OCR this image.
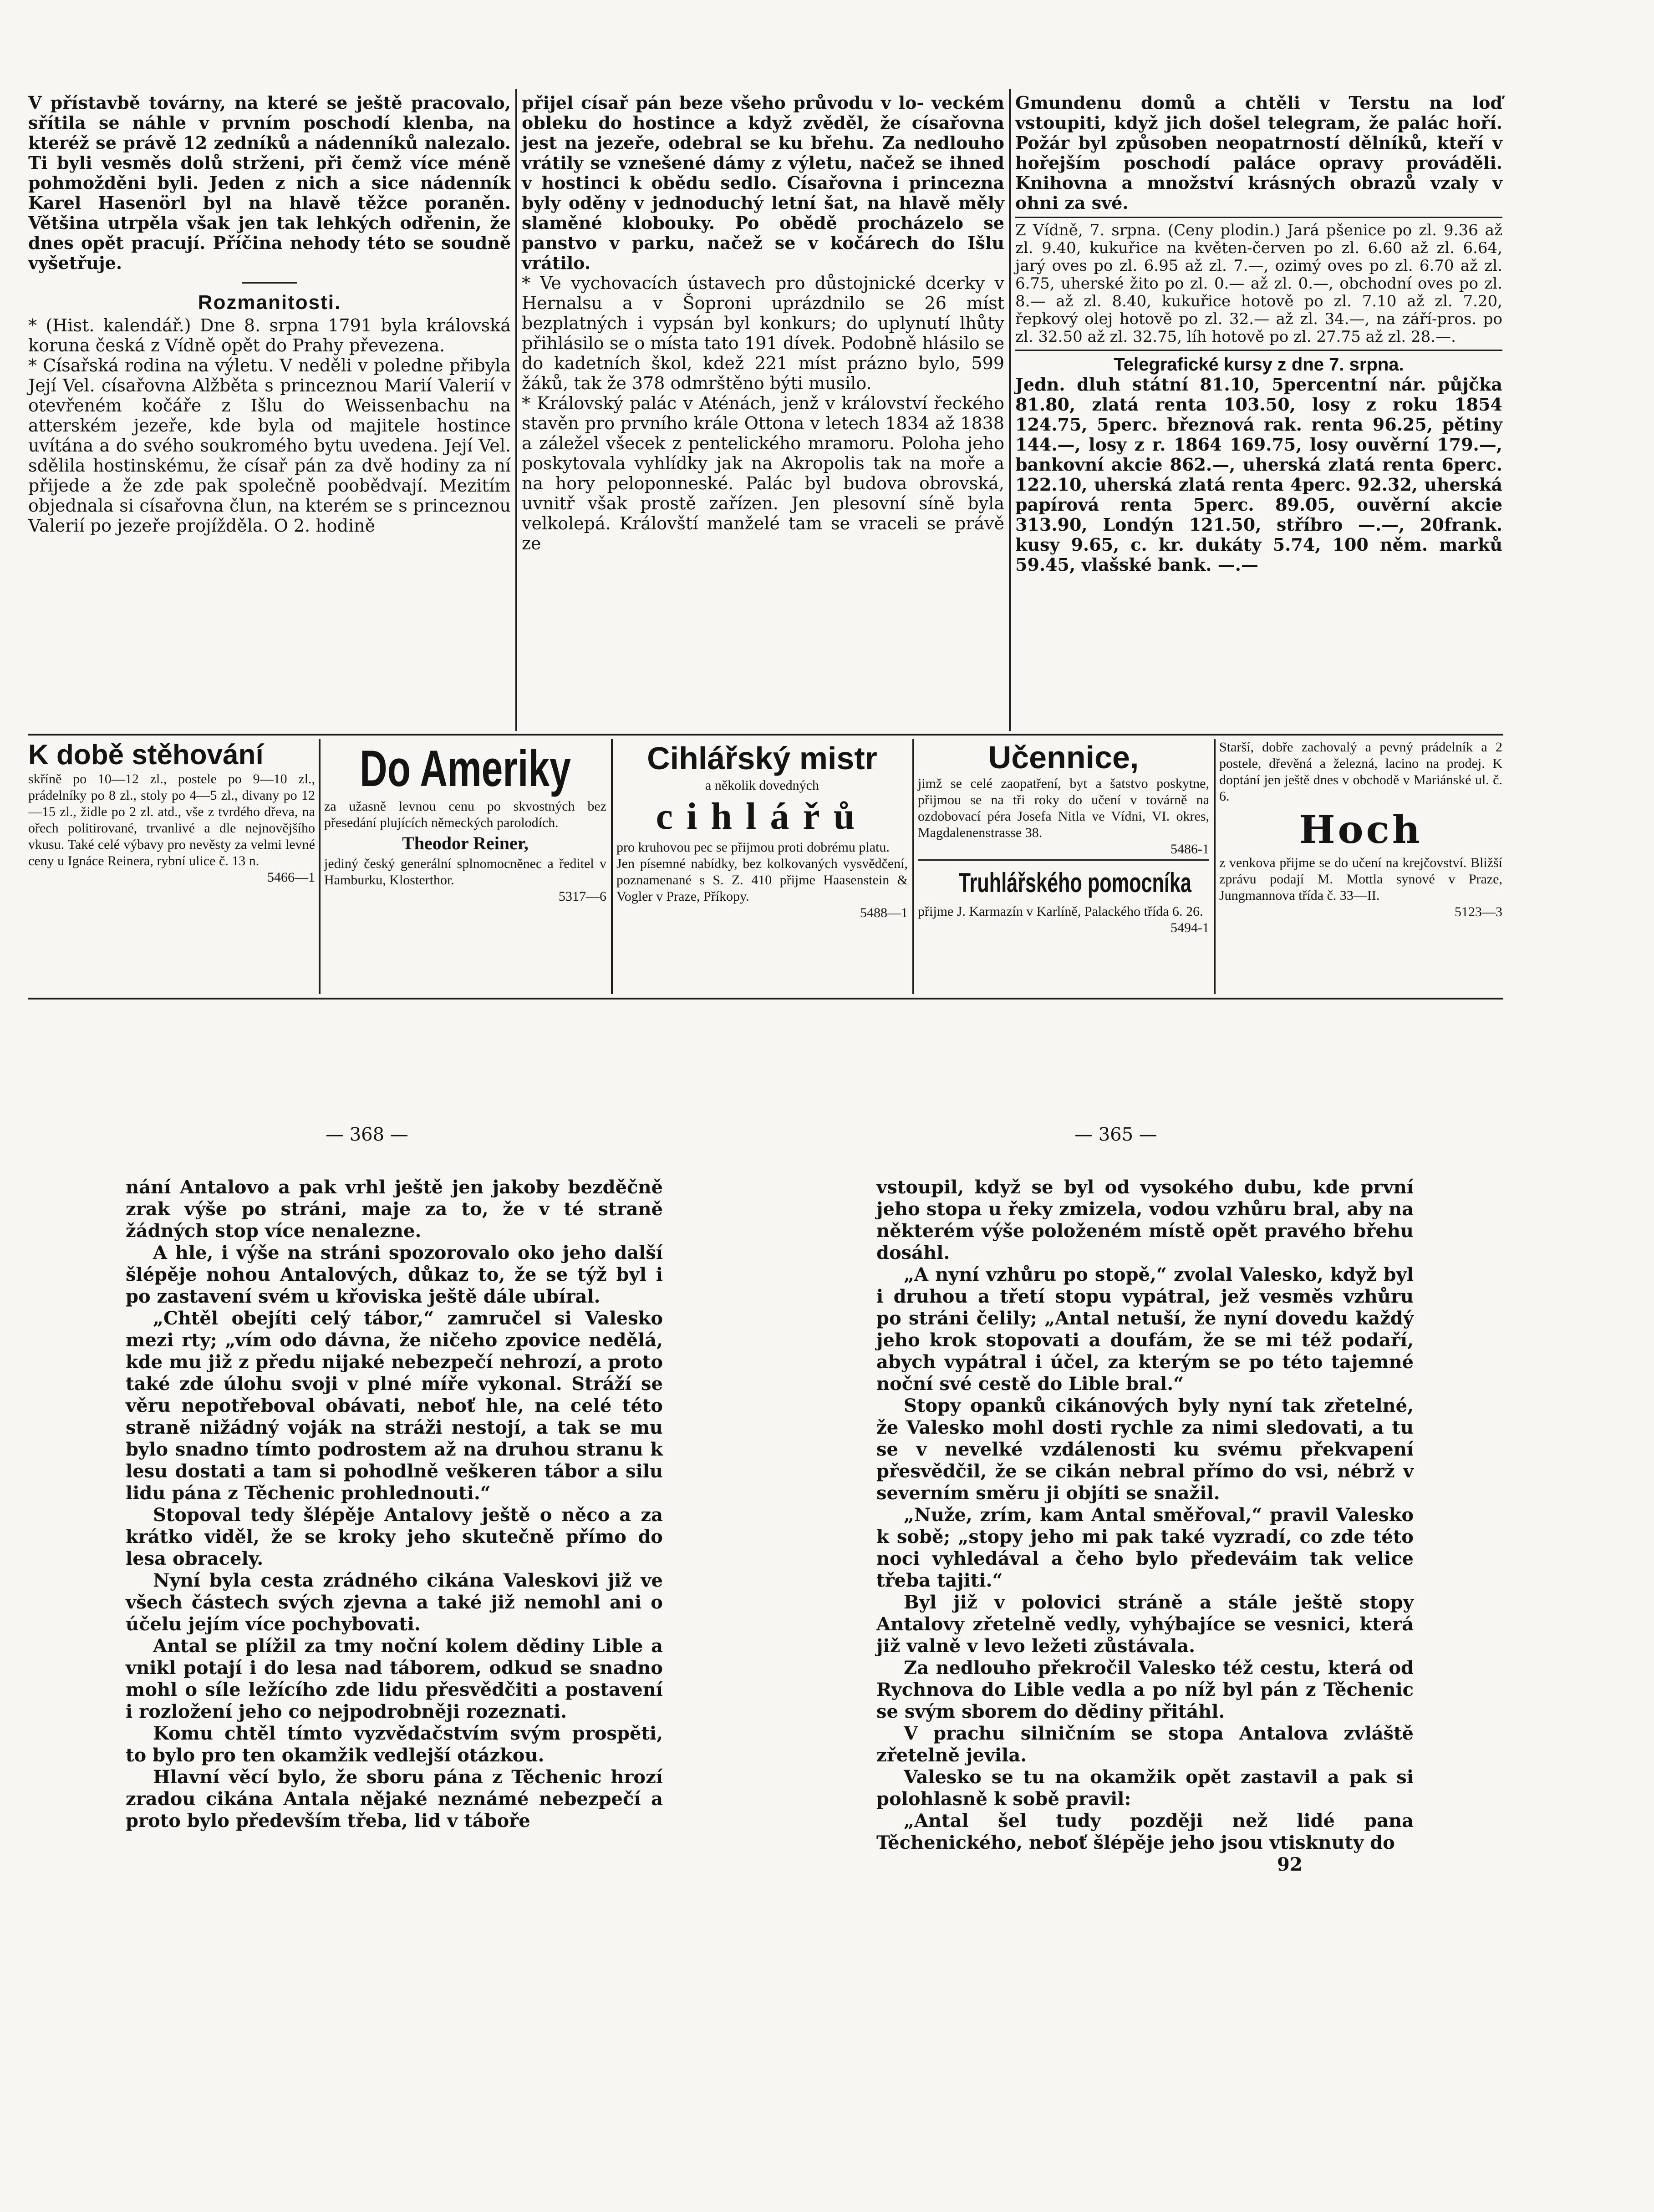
V přístavbě továrny, na které se ještě pracovalo, sřítila se náhle v prvním poschodí klenba, na kteréž se právě 12 zedníků a nádenníků nalezalo. Ti byli vesměs dolů strženi, při čemž více méně pohmožděni byli. Jeden z nich a sice nádenník Karel Hasenörl byl na hlavě těžce poraněn. Většina utrpěla však jen tak lehkých odřenin, že dnes opět pracují. Příčina nehody této se soudně vyšetřuje.

Rozmanitosti.

* (Hist. kalendář.) Dne 8. srpna 1791 byla královská koruna česká z Vídně opět do Prahy převezena.

* Císařská rodina na výletu. V neděli v poledne přibyla Její Vel. císařovna Alžběta s princeznou Marií Valerií v otevřeném kočáře z Išlu do Weissenbachu na atterském jezeře, kde byla od majitele hostince uvítána a do svého soukromého bytu uvedena. Její Vel. sdělila hostinskému, že císař pán za dvě hodiny za ní přijede a že zde pak společně poobědvají. Mezitím objednala si císařovna člun, na kterém se s princeznou Valerií po jezeře projížděla. O 2. hodině

přijel císař pán beze všeho průvodu v lo- veckém obleku do hostince a když zvěděl, že císařovna jest na jezeře, odebral se ku břehu. Za nedlouho vrátily se vznešené dámy z výletu, načež se ihned v hostinci k obědu sedlo. Císařovna i princezna byly oděny v jednoduchý letní šat, na hlavě měly slaměné klobouky. Po obědě procházelo se panstvo v parku, načež se v kočárech do Išlu vrátilo.

* Ve vychovacích ústavech pro důstojnické dcerky v Hernalsu a v Šoproni uprázdnilo se 26 míst bezplatných i vypsán byl konkurs; do uplynutí lhůty přihlásilo se o místa tato 191 dívek. Podobně hlásilo se do kadetních škol, kdež 221 míst prázno bylo, 599 žáků, tak že 378 odmrštěno býti musilo.

* Královský palác v Aténách, jenž v království řeckého stavěn pro prvního krále Ottona v letech 1834 až 1838 a záležel všecek z pentelického mramoru. Poloha jeho poskytovala vyhlídky jak na Akropolis tak na moře a na hory peloponneské. Palác byl budova obrovská, uvnitř však prostě zařízen. Jen plesovní síně byla velkolepá. Královští manželé tam se vraceli se právě ze

Gmundenu domů a chtěli v Terstu na loď vstoupiti, když jich došel telegram, že palác hoří. Požár byl způsoben neopatrností dělníků, kteří v hořejším poschodí paláce opravy prováděli. Knihovna a množství krásných obrazů vzaly v ohni za své.

Z Vídně, 7. srpna. (Ceny plodin.) Jará pšenice po zl. 9.36 až zl. 9.40, kukuřice na květen-červen po zl. 6.60 až zl. 6.64, jarý oves po zl. 6.95 až zl. 7.—, ozimý oves po zl. 6.70 až zl. 6.75, uherské žito po zl. 0.— až zl. 0.—, obchodní oves po zl. 8.— až zl. 8.40, kukuřice hotově po zl. 7.10 až zl. 7.20, řepkový olej hotově po zl. 32.— až zl. 34.—, na září-pros. po zl. 32.50 až zl. 32.75, líh hotově po zl. 27.75 až zl. 28.—.

Telegrafické kursy z dne 7. srpna.

Jedn. dluh státní 81.10, 5percentní nár. půjčka 81.80, zlatá renta 103.50, losy z roku 1854 124.75, 5perc. březnová rak. renta 96.25, pětiny 144.—, losy z r. 1864 169.75, losy ouvěrní 179.—, bankovní akcie 862.—, uherská zlatá renta 6perc. 122.10, uherská zlatá renta 4perc. 92.32, uherská papírová renta 5perc. 89.05, ouvěrní akcie 313.90, Londýn 121.50, stříbro —.—, 20frank. kusy 9.65, c. kr. dukáty 5.74, 100 něm. marků 59.45, vlašské bank. —.—

K době stěhování
skříně po 10—12 zl., postele po 9—10 zl., prádelníky po 8 zl., stoly po 4—5 zl., divany po 12—15 zl., židle po 2 zl. atd., vše z tvrdého dřeva, na ořech politirované, trvanlivé a dle nejnovějšího vkusu. Také celé výbavy pro nevěsty za velmi levné ceny u Ignáce Reinera, rybní ulice č. 13 n.
5466—1
Do Ameriky
za užasně levnou cenu po skvostných bez přesedání plujících německých parolodích.
Theodor Reiner,
jediný český generální splnomocněnec a ředitel v Hamburku, Klosterthor.
5317—6
Cihlářský mistr
a několik dovedných
cihlářů
pro kruhovou pec se přijmou proti dobrému platu.
Jen písemné nabídky, bez kolkovaných vysvědčení, poznamenané s S. Z. 410 přijme Haasenstein & Vogler v Praze, Příkopy.
5488—1
Učennice,
jimž se celé zaopatření, byt a šatstvo poskytne, přijmou se na tři roky do učení v továrně na ozdobovací péra Josefa Nitla ve Vídni, VI. okres, Magdalenenstrasse 38.
5486-1
Truhlářského pomocníka
přijme J. Karmazín v Karlíně, Palackého třída 6. 26.
5494-1
Starší, dobře zachovalý a pevný prádelník a 2 postele, dřevěná a železná, lacino na prodej. K doptání jen ještě dnes v obchodě v Mariánské ul. č. 6.
Hoch
z venkova přijme se do učení na krejčovství. Bližší zprávu podají M. Mottla synové v Praze, Jungmannova třída č. 33—II.
5123—3
— 368 —	— 365 —

nání Antalovo a pak vrhl ještě jen jakoby bezděčně zrak výše po stráni, maje za to, že v té straně žádných stop více nenalezne.

A hle, i výše na stráni spozorovalo oko jeho další šlépěje nohou Antalových, důkaz to, že se týž byl i po zastavení svém u křoviska ještě dále ubíral.

„Chtěl obejíti celý tábor,“ zamručel si Valesko mezi rty; „vím odo dávna, že ničeho zpovice nedělá, kde mu již z předu nijaké nebezpečí nehrozí, a proto také zde úlohu svoji v plné míře vykonal. Stráží se věru nepotřeboval obávati, neboť hle, na celé této straně nižádný voják na stráži nestojí, a tak se mu bylo snadno tímto podrostem až na druhou stranu k lesu dostati a tam si pohodlně veškeren tábor a silu lidu pána z Těchenic prohlednouti.“

Stopoval tedy šlépěje Antalovy ještě o něco a za krátko viděl, že se kroky jeho skutečně přímo do lesa obracely.

Nyní byla cesta zrádného cikána Valeskovi již ve všech částech svých zjevna a také již nemohl ani o účelu jejím více pochybovati.

Antal se plížil za tmy noční kolem dědiny Lible a vnikl potají i do lesa nad táborem, odkud se snadno mohl o síle ležícího zde lidu přesvědčiti a postavení i rozložení jeho co nejpodrobněji rozeznati.

Komu chtěl tímto vyzvědačstvím svým prospěti, to bylo pro ten okamžik vedlejší otázkou.

Hlavní věcí bylo, že sboru pána z Těchenic hrozí zradou cikána Antala nějaké neznámé nebezpečí a proto bylo především třeba, lid v táboře

vstoupil, když se byl od vysokého dubu, kde první jeho stopa u řeky zmizela, vodou vzhůru bral, aby na některém výše položeném místě opět pravého břehu dosáhl.

„A nyní vzhůru po stopě,“ zvolal Valesko, když byl i druhou a třetí stopu vypátral, jež vesměs vzhůru po stráni čelily; „Antal netuší, že nyní dovedu každý jeho krok stopovati a doufám, že se mi též podaří, abych vypátral i účel, za kterým se po této tajemné noční své cestě do Lible bral.“

Stopy opanků cikánových byly nyní tak zřetelné, že Valesko mohl dosti rychle za nimi sledovati, a tu se v nevelké vzdálenosti ku svému překvapení přesvědčil, že se cikán nebral přímo do vsi, nébrž v severním směru ji objíti se snažil.

„Nuže, zrím, kam Antal směřoval,“ pravil Valesko k sobě; „stopy jeho mi pak také vyzradí, co zde této noci vyhledával a čeho bylo předeváim tak velice třeba tajiti.“

Byl již v polovici stráně a stále ještě stopy Antalovy zřetelně vedly, vyhýbajíce se vesnici, která již valně v levo ležeti zůstávala.

Za nedlouho překročil Valesko též cestu, která od Rychnova do Lible vedla a po níž byl pán z Těchenic se svým sborem do dědiny přitáhl.

V prachu silničním se stopa Antalova zvláště zřetelně jevila.

Valesko se tu na okamžik opět zastavil a pak si polohlasně k sobě pravil:

„Antal šel tudy později než lidé pana Těchenického, neboť šlépěje jeho jsou vtisknuty do

92
